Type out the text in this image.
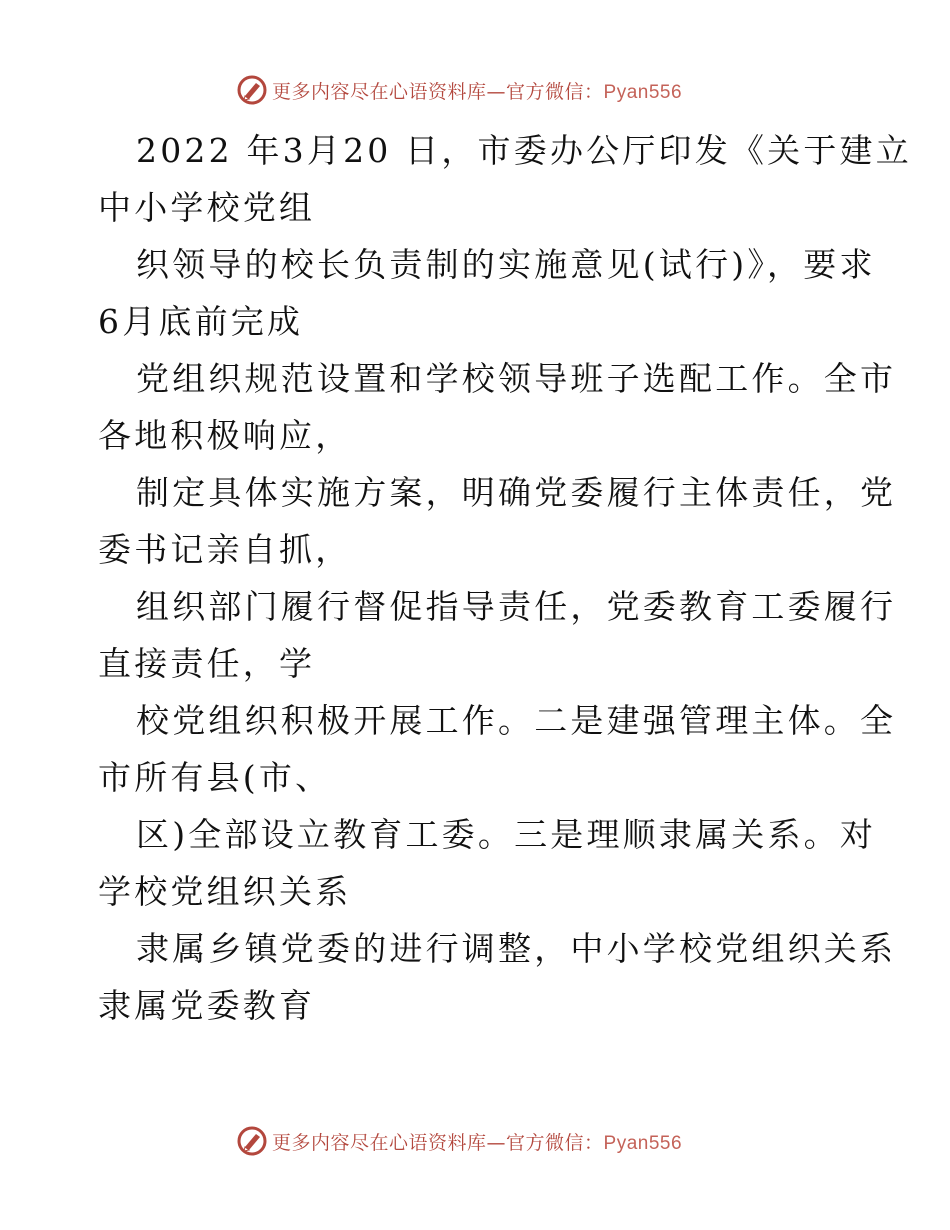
更多内容尽在心语资料库—官方微信：Pyan556
2022 年3月20 日，市委办公厅印发《关于建立
中小学校党组
织领导的校长负责制的实施意见(试行)》，要求
6月底前完成
党组织规范设置和学校领导班子选配工作。全市
各地积极响应，
制定具体实施方案，明确党委履行主体责任，党
委书记亲自抓，
组织部门履行督促指导责任，党委教育工委履行
直接责任，学
校党组织积极开展工作。二是建强管理主体。全
市所有县(市、
区)全部设立教育工委。三是理顺隶属关系。对
学校党组织关系
隶属乡镇党委的进行调整，中小学校党组织关系
隶属党委教育
更多内容尽在心语资料库—官方微信：Pyan556
